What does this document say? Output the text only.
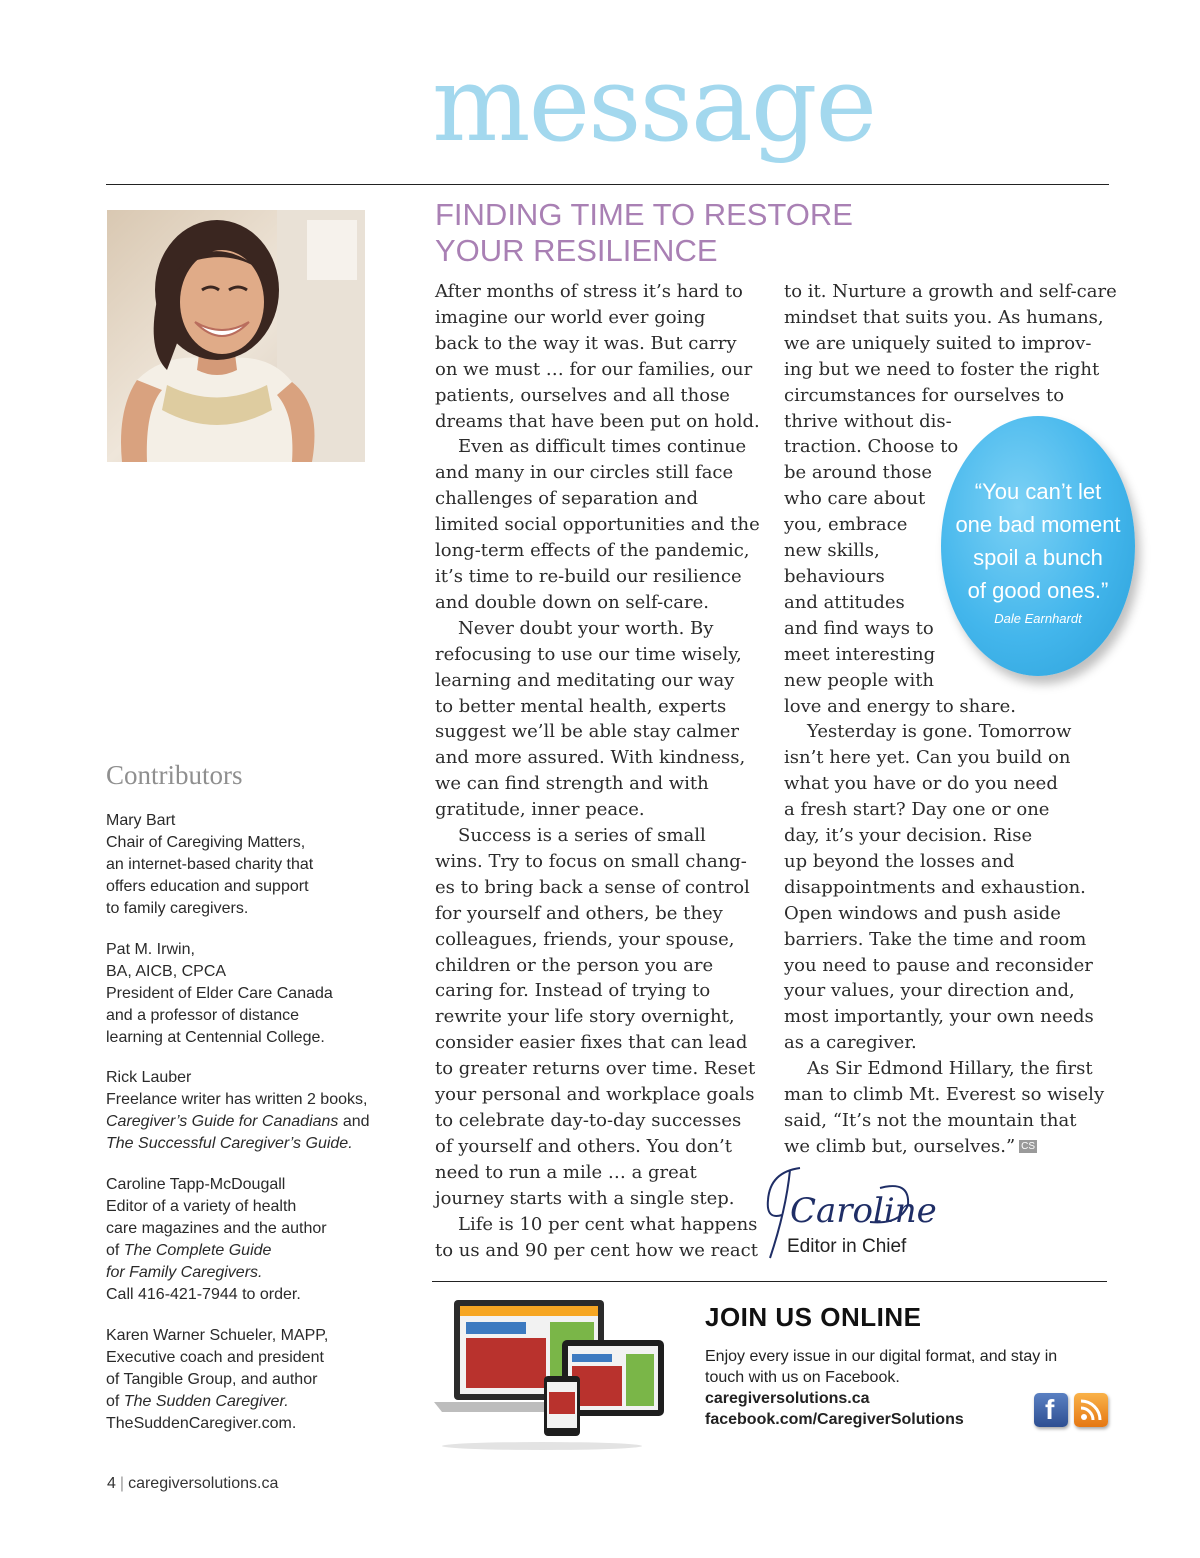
message
FINDING TIME TO RESTORE
YOUR RESILIENCE
After months of stress it’s hard to
imagine our world ever going
back to the way it was. But carry
on we must … for our families, our
patients, ourselves and all those
dreams that have been put on hold.
Even as difficult times continue
and many in our circles still face
challenges of separation and
limited social opportunities and the
long-term effects of the pandemic,
it’s time to re-build our resilience
and double down on self-care.
Never doubt your worth. By
refocusing to use our time wisely,
learning and meditating our way
to better mental health, experts
suggest we’ll be able stay calmer
and more assured. With kindness,
we can find strength and with
gratitude, inner peace.
Success is a series of small
wins. Try to focus on small chang-
es to bring back a sense of control
for yourself and others, be they
colleagues, friends, your spouse,
children or the person you are
caring for. Instead of trying to
rewrite your life story overnight,
consider easier fixes that can lead
to greater returns over time. Reset
your personal and workplace goals
to celebrate day-to-day successes
of yourself and others. You don’t
need to run a mile … a great
journey starts with a single step.
Life is 10 per cent what happens
to us and 90 per cent how we react
to it. Nurture a growth and self-care
mindset that suits you. As humans,
we are uniquely suited to improv-
ing but we need to foster the right
circumstances for ourselves to
thrive without dis-
traction. Choose to
be around those
who care about
you, embrace
new skills,
behaviours
and attitudes
and find ways to
meet interesting
new people with
love and energy to share.
Yesterday is gone. Tomorrow
isn’t here yet. Can you build on
what you have or do you need
a fresh start? Day one or one
day, it’s your decision. Rise
up beyond the losses and
disappointments and exhaustion.
Open windows and push aside
barriers. Take the time and room
you need to pause and reconsider
your values, your direction and,
most importantly, your own needs
as a caregiver.
As Sir Edmond Hillary, the first
man to climb Mt. Everest so wisely
said, “It’s not the mountain that
we climb but, ourselves.” CS
“You can’t let
one bad moment
spoil a bunch
of good ones.”
Dale Earnhardt
Caroline
Editor in Chief
Contributors
Mary Bart
Chair of Caregiving Matters,
an internet-based charity that
offers education and support
to family caregivers.
Pat M. Irwin,
BA, AICB, CPCA
President of Elder Care Canada
and a professor of distance
learning at Centennial College.
Rick Lauber
Freelance writer has written 2 books,
Caregiver’s Guide for Canadians and
The Successful Caregiver’s Guide.
Caroline Tapp-McDougall
Editor of a variety of health
care magazines and the author
of The Complete Guide
for Family Caregivers.
Call 416-421-7944 to order.
Karen Warner Schueler, MAPP,
Executive coach and president
of Tangible Group, and author
of The Sudden Caregiver.
TheSuddenCaregiver.com.
JOIN US ONLINE
Enjoy every issue in our digital format, and stay in
touch with us on Facebook.
caregiversolutions.ca
facebook.com/CaregiverSolutions	f
4 | caregiversolutions.ca
